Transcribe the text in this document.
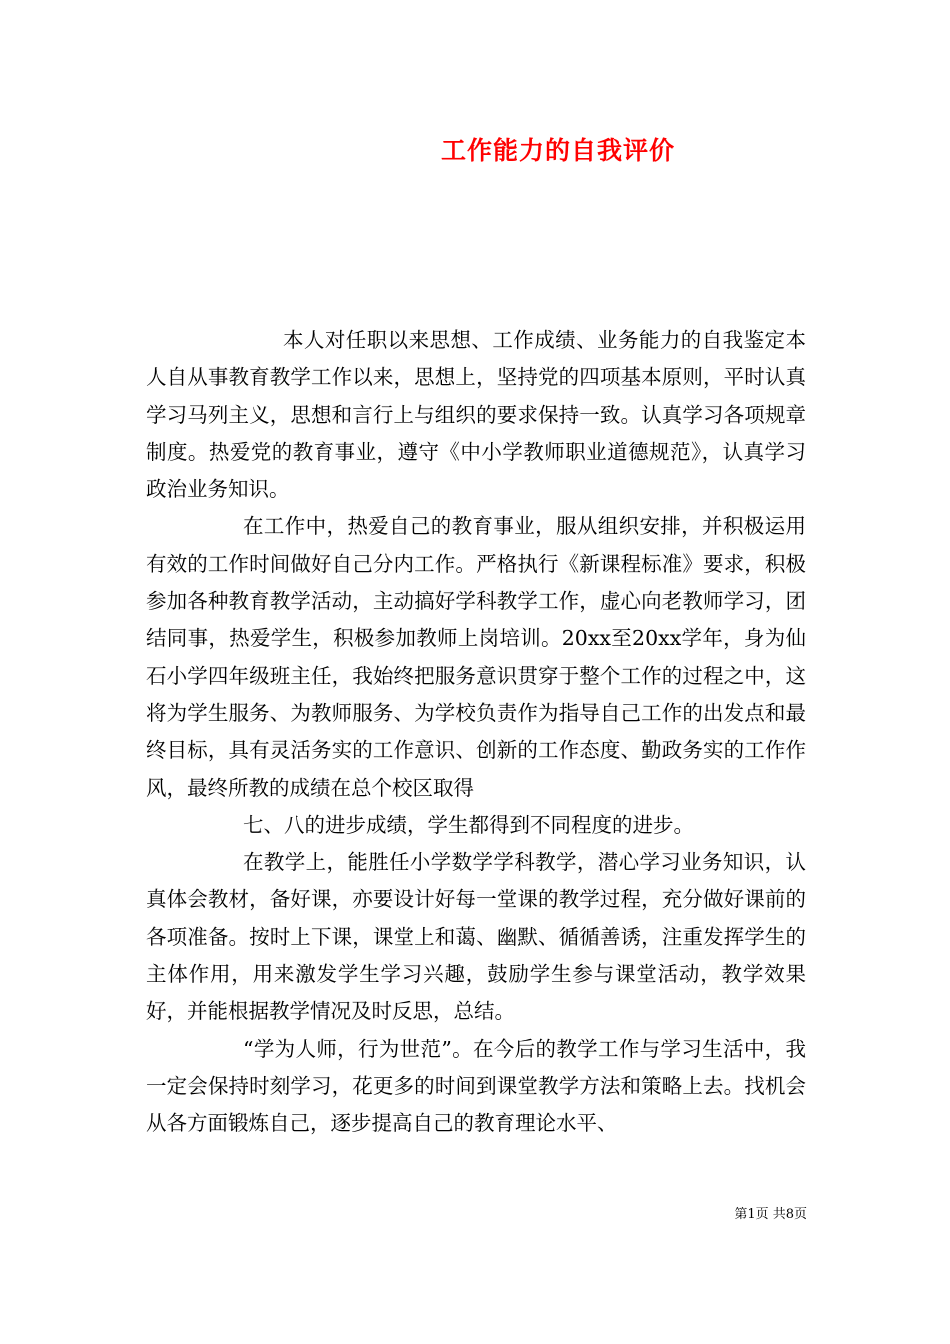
工作能力的自我评价

本人对任职以来思想、工作成绩、业务能力的自我鉴定本人自从事教育教学工作以来，思想上，坚持党的四项基本原则，平时认真学习马列主义，思想和言行上与组织的要求保持一致。认真学习各项规章制度。热爱党的教育事业，遵守《中小学教师职业道德规范》，认真学习政治业务知识。

在工作中，热爱自己的教育事业，服从组织安排，并积极运用有效的工作时间做好自己分内工作。严格执行《新课程标准》要求，积极参加各种教育教学活动，主动搞好学科教学工作，虚心向老教师学习，团结同事，热爱学生，积极参加教师上岗培训。20xx至20xx学年，身为仙石小学四年级班主任，我始终把服务意识贯穿于整个工作的过程之中，这将为学生服务、为教师服务、为学校负责作为指导自己工作的出发点和最终目标，具有灵活务实的工作意识、创新的工作态度、勤政务实的工作作风，最终所教的成绩在总个校区取得

七、八的进步成绩，学生都得到不同程度的进步。

在教学上，能胜任小学数学学科教学，潜心学习业务知识，认真体会教材，备好课，亦要设计好每一堂课的教学过程，充分做好课前的各项准备。按时上下课，课堂上和蔼、幽默、循循善诱，注重发挥学生的主体作用，用来激发学生学习兴趣，鼓励学生参与课堂活动，教学效果好，并能根据教学情况及时反思，总结。

“学为人师，行为世范”。在今后的教学工作与学习生活中，我一定会保持时刻学习，花更多的时间到课堂教学方法和策略上去。找机会从各方面锻炼自己，逐步提高自己的教育理论水平、

第1页 共8页
